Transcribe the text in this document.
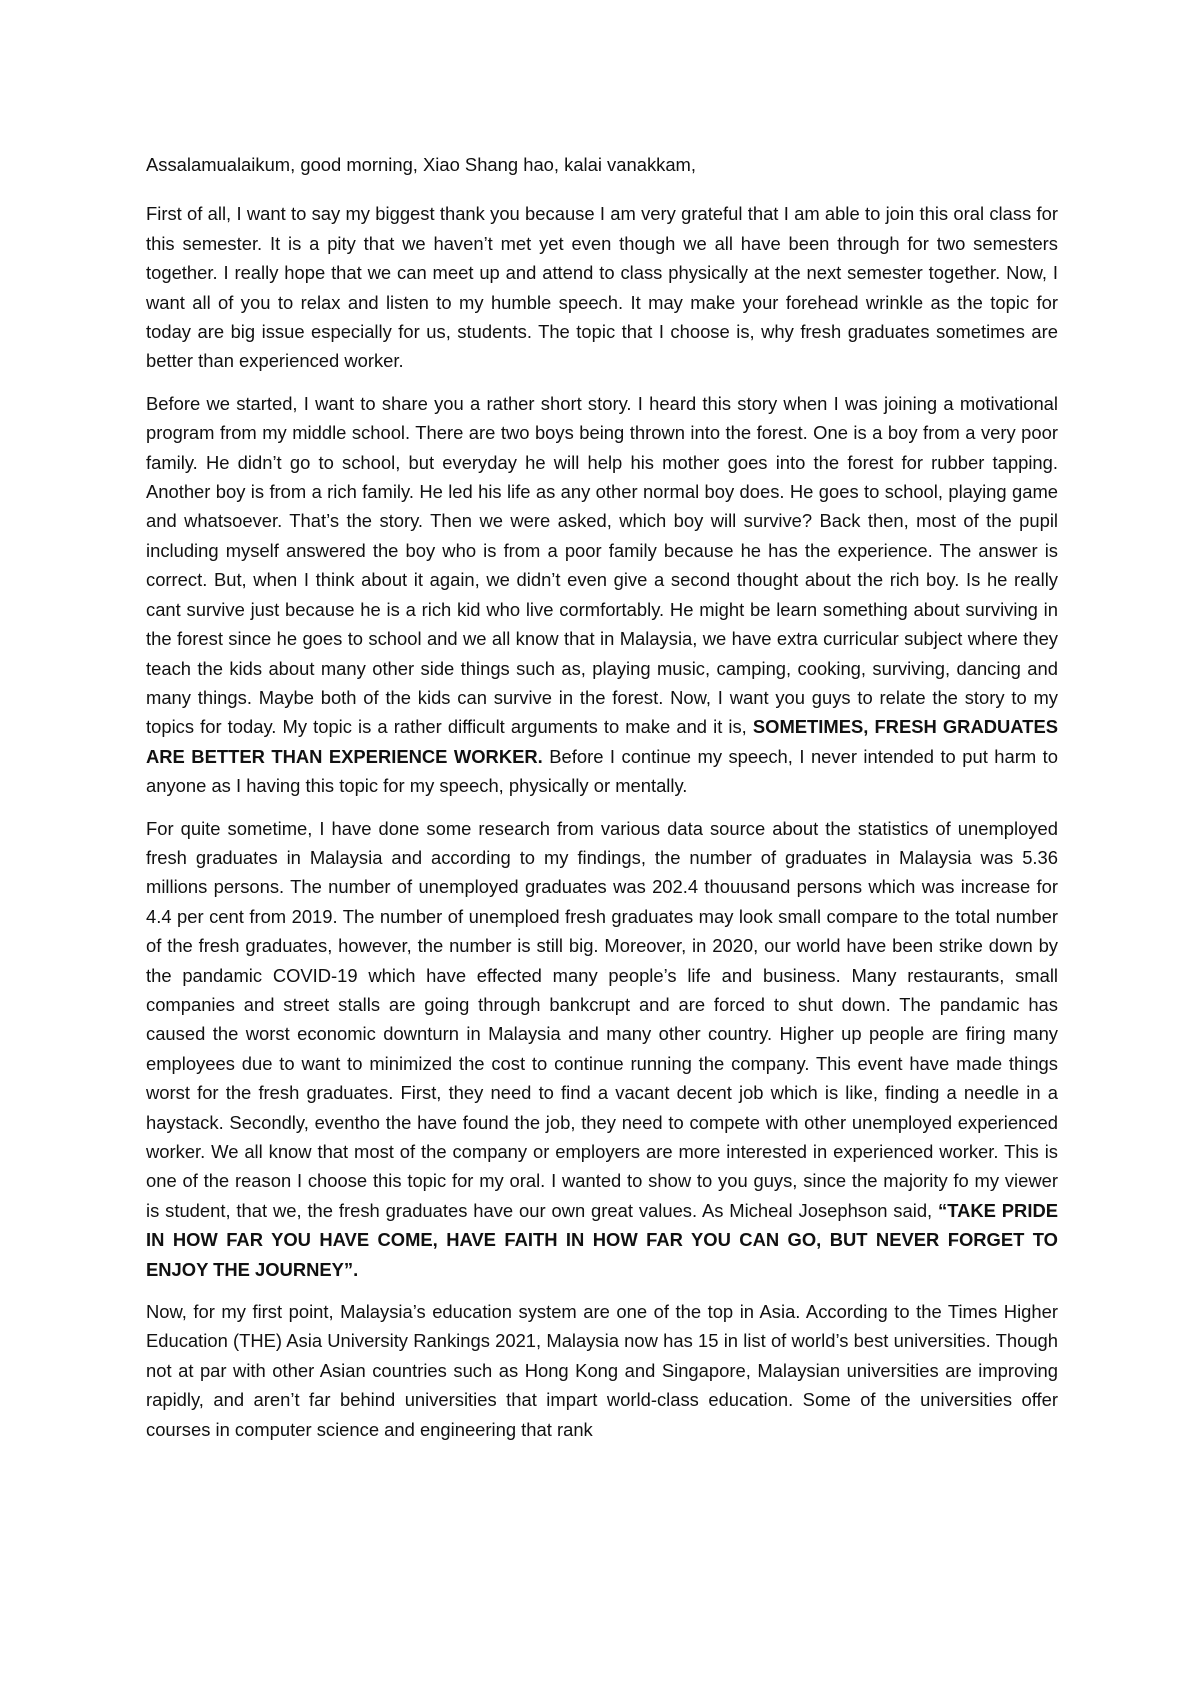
Assalamualaikum, good morning, Xiao Shang hao, kalai vanakkam,

First of all, I want to say my biggest thank you because I am very grateful that I am able to join this oral class for this semester. It is a pity that we haven’t met yet even though we all have been through for two semesters together. I really hope that we can meet up and attend to class physically at the next semester together. Now, I want all of you to relax and listen to my humble speech. It may make your forehead wrinkle as the topic for today are big issue especially for us, students. The topic that I choose is, why fresh graduates sometimes are better than experienced worker.

Before we started, I want to share you a rather short story. I heard this story when I was joining a motivational program from my middle school. There are two boys being thrown into the forest. One is a boy from a very poor family. He didn’t go to school, but everyday he will help his mother goes into the forest for rubber tapping. Another boy is from a rich family. He led his life as any other normal boy does. He goes to school, playing game and whatsoever. That’s the story. Then we were asked, which boy will survive? Back then, most of the pupil including myself answered the boy who is from a poor family because he has the experience. The answer is correct. But, when I think about it again, we didn’t even give a second thought about the rich boy. Is he really cant survive just because he is a rich kid who live cormfortably. He might be learn something about surviving in the forest since he goes to school and we all know that in Malaysia, we have extra curricular subject where they teach the kids about many other side things such as, playing music, camping, cooking, surviving, dancing and many things. Maybe both of the kids can survive in the forest. Now, I want you guys to relate the story to my topics for today. My topic is a rather difficult arguments to make and it is, SOMETIMES, FRESH GRADUATES ARE BETTER THAN EXPERIENCE WORKER. Before I continue my speech, I never intended to put harm to anyone as I having this topic for my speech, physically or mentally.

For quite sometime, I have done some research from various data source about the statistics of unemployed fresh graduates in Malaysia and according to my findings, the number of graduates in Malaysia was 5.36 millions persons. The number of unemployed graduates was 202.4 thouusand persons which was increase for 4.4 per cent from 2019. The number of unemploed fresh graduates may look small compare to the total number of the fresh graduates, however, the number is still big. Moreover, in 2020, our world have been strike down by the pandamic COVID-19 which have effected many people’s life and business. Many restaurants, small companies and street stalls are going through bankcrupt and are forced to shut down. The pandamic has caused the worst economic downturn in Malaysia and many other country. Higher up people are firing many employees due to want to minimized the cost to continue running the company. This event have made things worst for the fresh graduates. First, they need to find a vacant decent job which is like, finding a needle in a haystack. Secondly, eventho the have found the job, they need to compete with other unemployed experienced worker. We all know that most of the company or employers are more interested in experienced worker. This is one of the reason I choose this topic for my oral. I wanted to show to you guys, since the majority fo my viewer is student, that we, the fresh graduates have our own great values. As Micheal Josephson said, “TAKE PRIDE IN HOW FAR YOU HAVE COME, HAVE FAITH IN HOW FAR YOU CAN GO, BUT NEVER FORGET TO ENJOY THE JOURNEY”.

Now, for my first point, Malaysia’s education system are one of the top in Asia. According to the Times Higher Education (THE) Asia University Rankings 2021, Malaysia now has 15 in list of world’s best universities. Though not at par with other Asian countries such as Hong Kong and Singapore, Malaysian universities are improving rapidly, and aren’t far behind universities that impart world-class education. Some of the universities offer courses in computer science and engineering that rank
